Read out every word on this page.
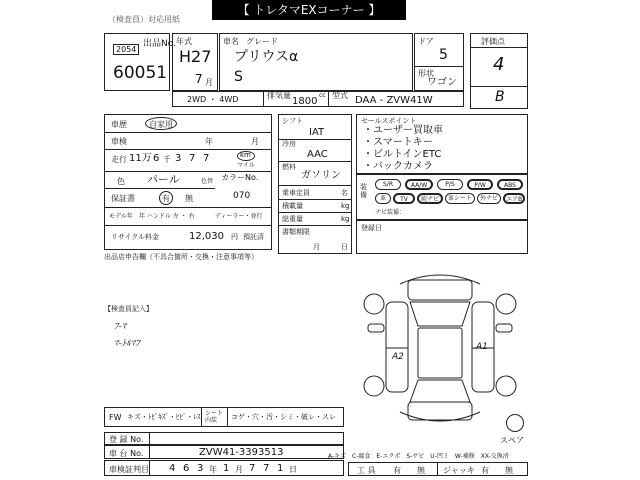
（検査員）対応用紙
【 トレタマEXコーナー 】
出品No.
2054
60051
年式
H27
7 月
車名 グレード
プリウスα
S
ドア
5
形状
ワゴン
評価点
4
B
2WD ・ 4WD	排気量	cc
1800
型式 DAA - ZVW41W
車歴	自家用
車検	年	月
走行 11万 6 千 3 7 7	km
マイル
色 パール	色替 カラーNo.
070
保証書	有 無
モデル年 年 ハンドル 左 ・ 右	ディーラー・並行
リサイクル料金	12,030 円 預託済
シフト
IAT
冷房
AAC
燃料
ガソリン
乗車定員	名
積載量	kg
総重量	kg
書類期限
月	日
セールスポイント
・ユーザー買取車
・スマートキー
・ビルトインETC
・バックカメラ
装備
S/R	AA/W	P/S	P/W	ABS
革	TV	純ナビ	革シート	外ナビ	エアB
ナビ装備：
登録日
出品店申告欄（不具合箇所・交換・注意事項等）
【検査員記入】
ﾌ-ﾏ
ﾏ-ﾄﾙﾏﾌ
A2
A1
スペア
FW キズ・ﾄﾋﾞｷｽﾞ・ﾋﾋﾞ・ﾚｽﾞ シート内装	コゲ・穴・汚・シミ・破レ・スレ
登 録 No.
車 台 No.	ZVW41-3393513
車検証判目 4 6 3 年 1 月 7 7 1 日
A-キズ　C-腐食　E-エクボ　S-サビ　U-凹ミ　W-補修　XX-交換済
工 具 有 無 ジャッキ 有 無
